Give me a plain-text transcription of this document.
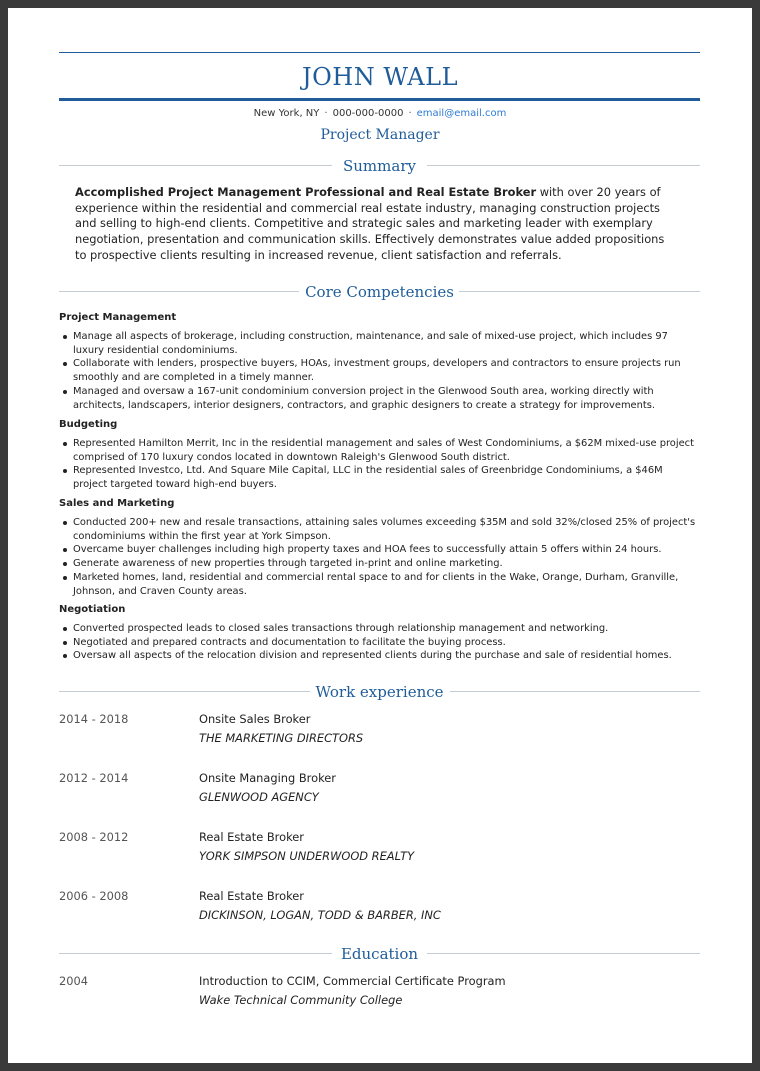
JOHN WALL
New York, NY · 000-000-0000 · email@email.com
Project Manager
Summary
Accomplished Project Management Professional and Real Estate Broker with over 20 years of experience within the residential and commercial real estate industry, managing construction projects and selling to high-end clients. Competitive and strategic sales and marketing leader with exemplary negotiation, presentation and communication skills. Effectively demonstrates value added propositions to prospective clients resulting in increased revenue, client satisfaction and referrals.
Core Competencies
Project Management
Manage all aspects of brokerage, including construction, maintenance, and sale of mixed-use project, which includes 97 luxury residential condominiums.
Collaborate with lenders, prospective buyers, HOAs, investment groups, developers and contractors to ensure projects run smoothly and are completed in a timely manner.
Managed and oversaw a 167-unit condominium conversion project in the Glenwood South area, working directly with architects, landscapers, interior designers, contractors, and graphic designers to create a strategy for improvements.
Budgeting
Represented Hamilton Merrit, Inc in the residential management and sales of West Condominiums, a $62M mixed-use project comprised of 170 luxury condos located in downtown Raleigh's Glenwood South district.
Represented Investco, Ltd. And Square Mile Capital, LLC in the residential sales of Greenbridge Condominiums, a $46M project targeted toward high-end buyers.
Sales and Marketing
Conducted 200+ new and resale transactions, attaining sales volumes exceeding $35M and sold 32%/closed 25% of project's condominiums within the first year at York Simpson.
Overcame buyer challenges including high property taxes and HOA fees to successfully attain 5 offers within 24 hours.
Generate awareness of new properties through targeted in-print and online marketing.
Marketed homes, land, residential and commercial rental space to and for clients in the Wake, Orange, Durham, Granville, Johnson, and Craven County areas.
Negotiation
Converted prospected leads to closed sales transactions through relationship management and networking.
Negotiated and prepared contracts and documentation to facilitate the buying process.
Oversaw all aspects of the relocation division and represented clients during the purchase and sale of residential homes.
Work experience
2014 - 2018	Onsite Sales Broker
THE MARKETING DIRECTORS
2012 - 2014	Onsite Managing Broker
GLENWOOD AGENCY
2008 - 2012	Real Estate Broker
YORK SIMPSON UNDERWOOD REALTY
2006 - 2008	Real Estate Broker
DICKINSON, LOGAN, TODD & BARBER, INC
Education
2004	Introduction to CCIM, Commercial Certificate Program
Wake Technical Community College
